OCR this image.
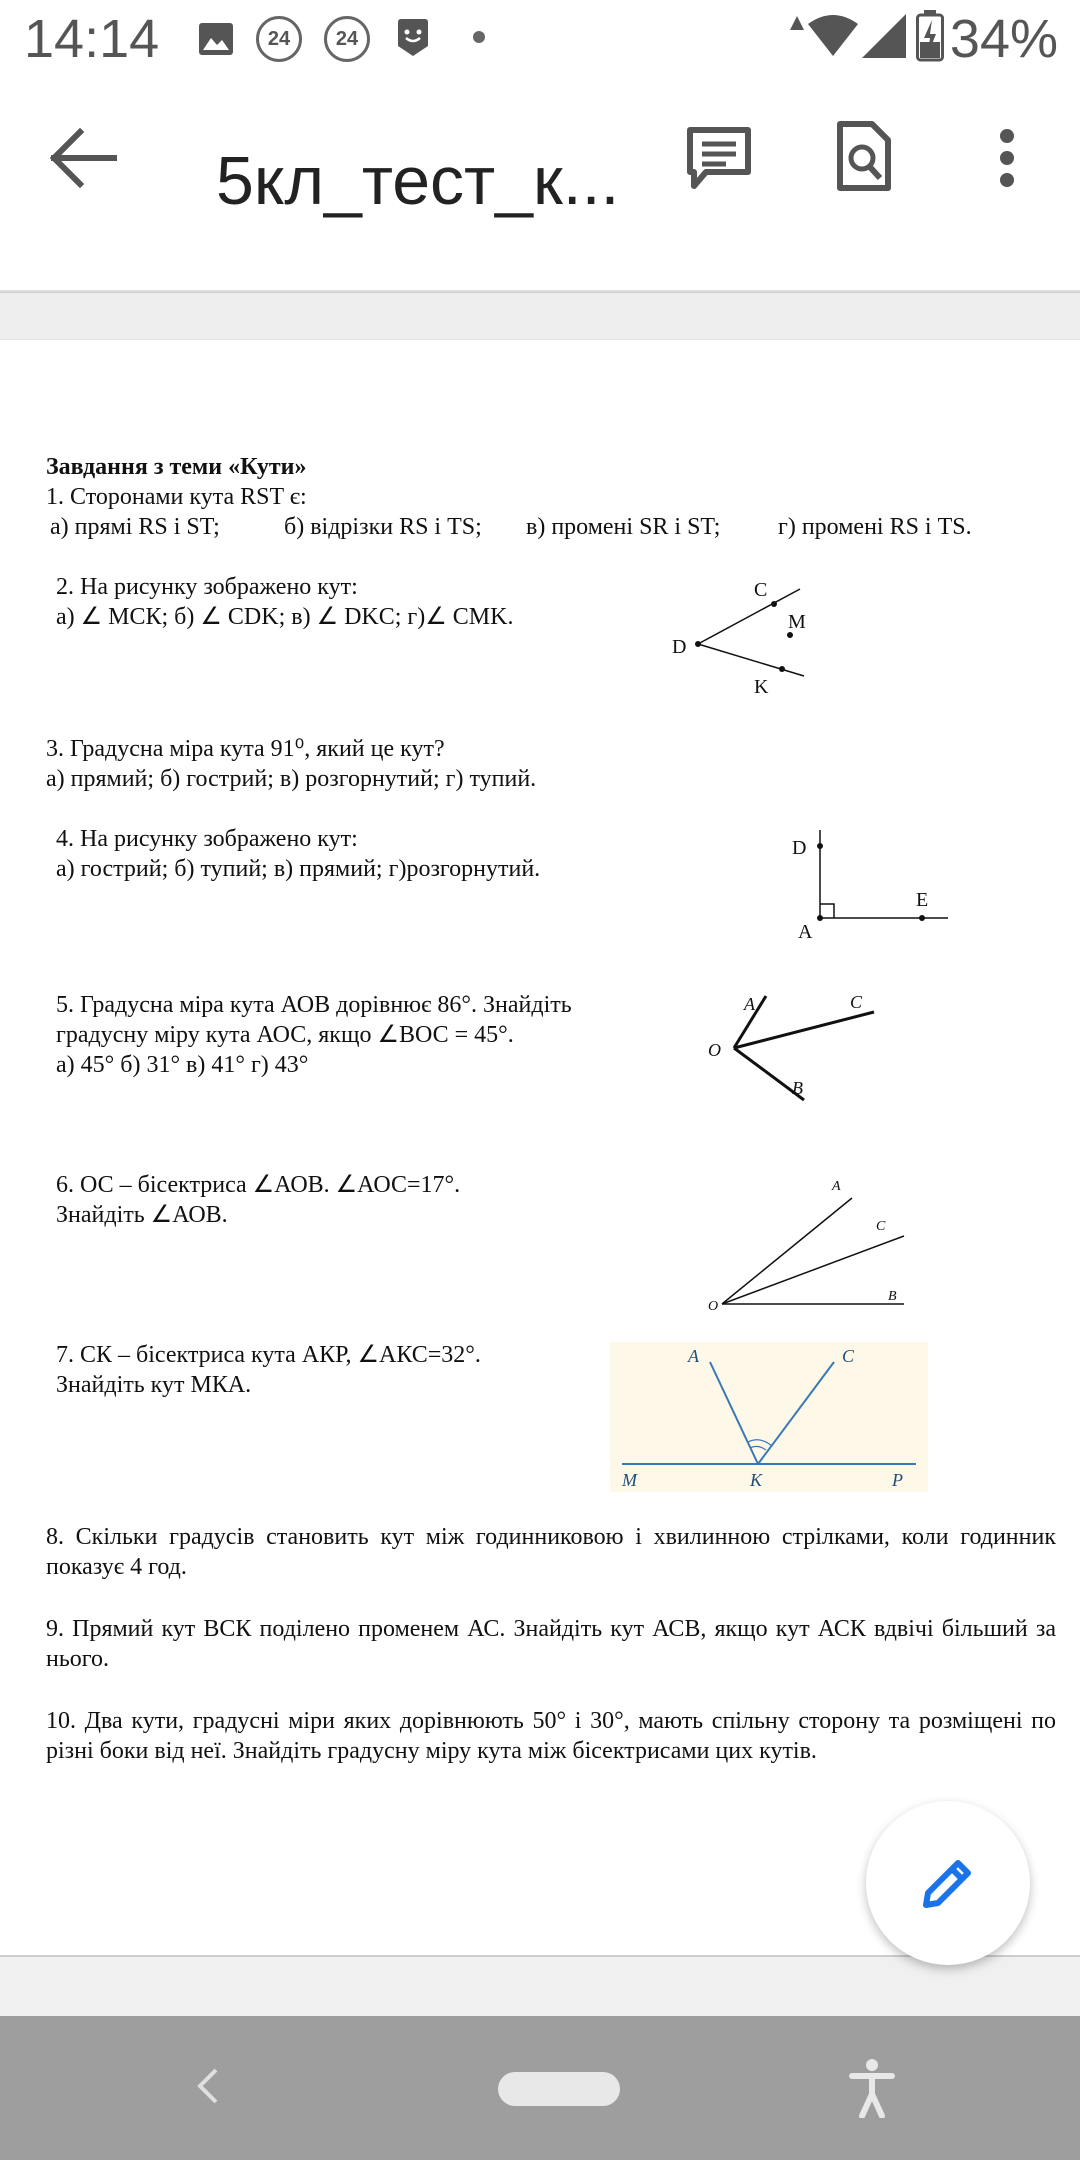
14:14	24	24	34%
5кл_тест_к...
Завдання з теми «Кути»
1. Сторонами кута RST є:
а) прямі RS і ST;	б) відрізки RS і TS; в) промені SR і ST; г) промені RS і TS.
2. На рисунку зображено кут:
а) ∠ МСК; б) ∠ CDK; в) ∠ DKC; г)∠ CMK.
C
M
D
K
3. Градусна міра кута 91⁰, який це кут?
а) прямий; б) гострий; в) розгорнутий; г) тупий.
4. На рисунку зображено кут:
а) гострий; б) тупий; в) прямий; г)розгорнутий.
D
A
E
5. Градусна міра кута АОВ дорівнює 86°. Знайдіть
градусну міру кута АОС, якщо ∠ВОС = 45°.
а) 45° б) 31° в) 41° г) 43°
A	C
O
B
6. ОС – бісектриса ∠АОВ. ∠АОС=17°.
Знайдіть ∠АОВ.
A
C
O
B
7. СК – бісектриса кута АКР, ∠АКС=32°.
Знайдіть кут МКА.
A	C
M	K	P
8. Скільки градусів становить кут між годинниковою і хвилинною стрілками, коли годинник показує 4 год.
9. Прямий кут ВСК поділено променем АС. Знайдіть кут АСВ, якщо кут АСК вдвічі більший за нього.
10. Два кути, градусні міри яких дорівнюють 50° і 30°, мають спільну сторону та розміщені по різні боки від неї. Знайдіть градусну міру кута між бісектрисами цих кутів.
